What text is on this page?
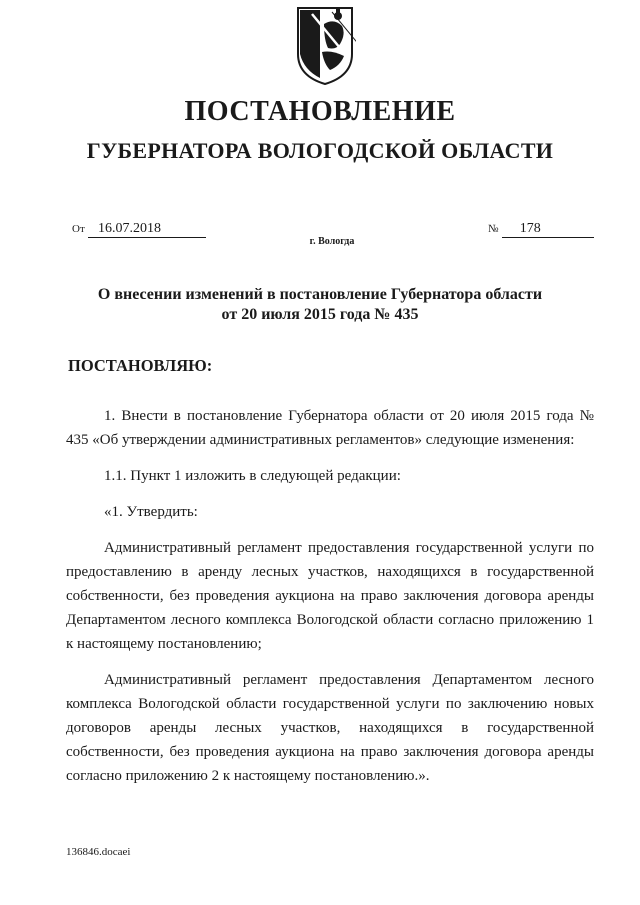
ПОСТАНОВЛЕНИЕ
ГУБЕРНАТОРА ВОЛОГОДСКОЙ ОБЛАСТИ
От 16.07.2018	№ 178
г. Вологда
О внесении изменений в постановление Губернатора области
от 20 июля 2015 года № 435
ПОСТАНОВЛЯЮ:

1. Внести в постановление Губернатора области от 20 июля 2015 года № 435 «Об утверждении административных регламентов» следующие изменения:

1.1. Пункт 1 изложить в следующей редакции:

«1. Утвердить:

Административный регламент предоставления государственной услуги по предоставлению в аренду лесных участков, находящихся в государственной собственности, без проведения аукциона на право заключения договора аренды Департаментом лесного комплекса Вологодской области согласно приложению 1 к настоящему постановлению;

Административный регламент предоставления Департаментом лесного комплекса Вологодской области государственной услуги по заключению новых договоров аренды лесных участков, находящихся в государственной собственности, без проведения аукциона на право заключения договора аренды согласно приложению 2 к настоящему постановлению.».

136846.docaei
